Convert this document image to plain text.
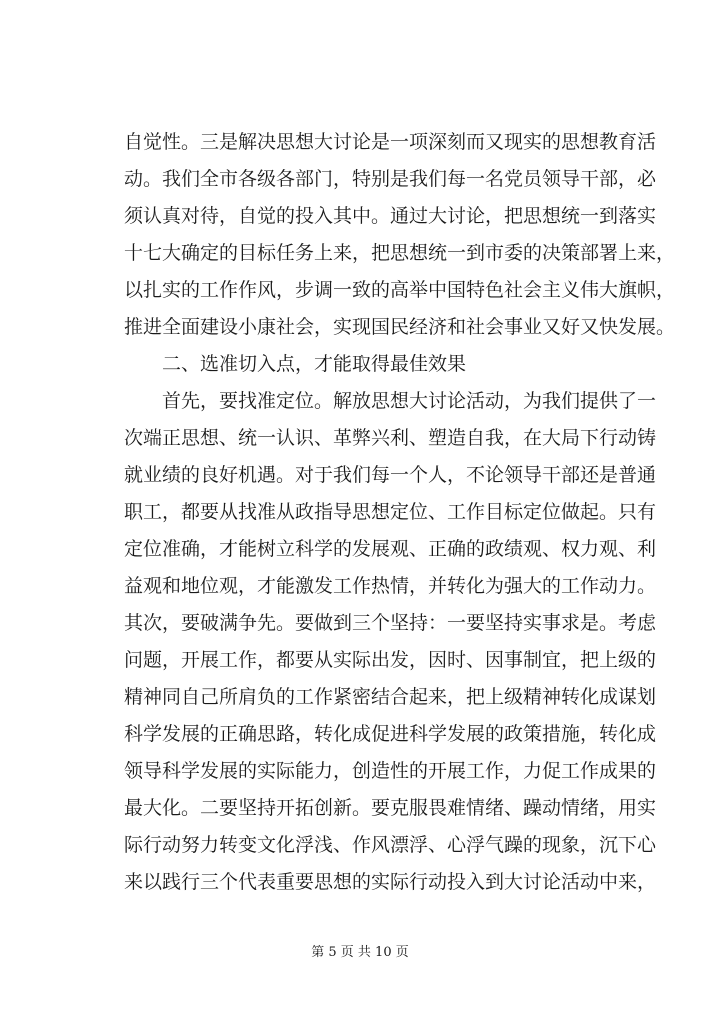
自觉性。三是解决思想大讨论是一项深刻而又现实的思想教育活
动。我们全市各级各部门，特别是我们每一名党员领导干部，必
须认真对待，自觉的投入其中。通过大讨论，把思想统一到落实
十七大确定的目标任务上来，把思想统一到市委的决策部署上来，
以扎实的工作作风，步调一致的高举中国特色社会主义伟大旗帜，
推进全面建设小康社会，实现国民经济和社会事业又好又快发展。
二、选准切入点，才能取得最佳效果
首先，要找准定位。解放思想大讨论活动，为我们提供了一
次端正思想、统一认识、革弊兴利、塑造自我，在大局下行动铸
就业绩的良好机遇。对于我们每一个人，不论领导干部还是普通
职工，都要从找准从政指导思想定位、工作目标定位做起。只有
定位准确，才能树立科学的发展观、正确的政绩观、权力观、利
益观和地位观，才能激发工作热情，并转化为强大的工作动力。
其次，要破满争先。要做到三个坚持：一要坚持实事求是。考虑
问题，开展工作，都要从实际出发，因时、因事制宜，把上级的
精神同自己所肩负的工作紧密结合起来，把上级精神转化成谋划
科学发展的正确思路，转化成促进科学发展的政策措施，转化成
领导科学发展的实际能力，创造性的开展工作，力促工作成果的
最大化。二要坚持开拓创新。要克服畏难情绪、躁动情绪，用实
际行动努力转变文化浮浅、作风漂浮、心浮气躁的现象，沉下心
来以践行三个代表重要思想的实际行动投入到大讨论活动中来，
第 5 页 共 10 页
